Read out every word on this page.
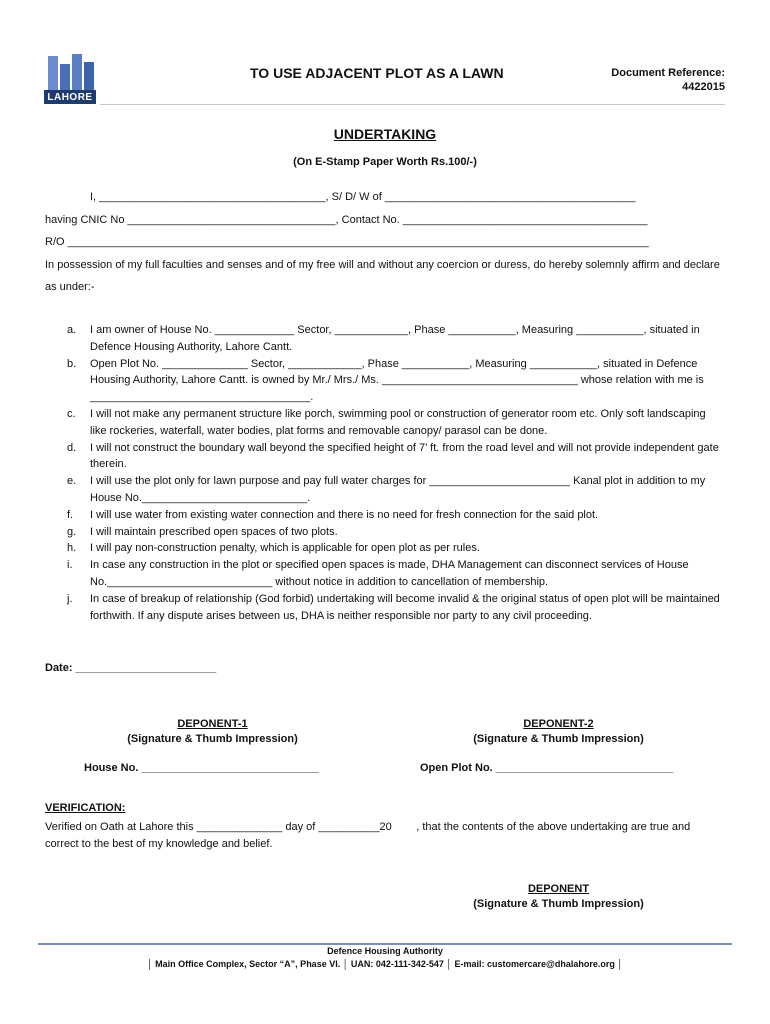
LAHORE
TO USE ADJACENT PLOT AS A LAWN	Document Reference:
4422015
UNDERTAKING
(On E-Stamp Paper Worth Rs.100/-)
I, _____________________________________, S/ D/ W of _________________________________________
having CNIC No __________________________________, Contact No. ________________________________________
R/O _______________________________________________________________________________________________
In possession of my full faculties and senses and of my free will and without any coercion or duress, do hereby solemnly affirm and declare as under:-
a. I am owner of House No. _____________ Sector, ____________, Phase ___________, Measuring ___________, situated in Defence Housing Authority, Lahore Cantt.
b. Open Plot No. ______________ Sector, ____________, Phase ___________, Measuring ___________, situated in Defence Housing Authority, Lahore Cantt. is owned by Mr./ Mrs./ Ms. ________________________________ whose relation with me is ____________________________________.
c. I will not make any permanent structure like porch, swimming pool or construction of generator room etc. Only soft landscaping like rockeries, waterfall, water bodies, plat forms and removable canopy/ parasol can be done.
d. I will not construct the boundary wall beyond the specified height of 7’ ft. from the road level and will not provide independent gate therein.
e. I will use the plot only for lawn purpose and pay full water charges for _______________________ Kanal plot in addition to my House No.___________________________.
f. I will use water from existing water connection and there is no need for fresh connection for the said plot.
g. I will maintain prescribed open spaces of two plots.
h. I will pay non-construction penalty, which is applicable for open plot as per rules.
i. In case any construction in the plot or specified open spaces is made, DHA Management can disconnect services of House No.___________________________ without notice in addition to cancellation of membership.
j. In case of breakup of relationship (God forbid) undertaking will become invalid & the original status of open plot will be maintained forthwith. If any dispute arises between us, DHA is neither responsible nor party to any civil proceeding.
Date: _______________________
DEPONENT-1
(Signature & Thumb Impression)
DEPONENT-2
(Signature & Thumb Impression)
House No. _____________________________	Open Plot No. _____________________________
VERIFICATION:
Verified on Oath at Lahore this ______________ day of __________20        , that the contents of the above undertaking are true and correct to the best of my knowledge and belief.
DEPONENT
(Signature & Thumb Impression)
Defence Housing Authority
│ Main Office Complex, Sector “A”, Phase VI. │ UAN: 042-111-342-547 │ E-mail: customercare@dhalahore.org │
